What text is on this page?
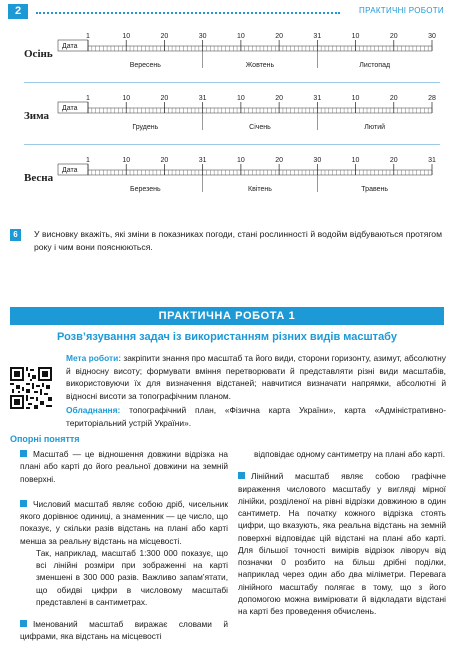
2	ПРАКТИЧНІ РОБОТИ
Дата
1	10	20	30	10	20	31	10	20	30
Вересень	Жовтень	Листопад
Осінь
Дата
1	10	20	31	10	20	31	10	20	28
Грудень	Січень	Лютий
Зима
Дата
1	10	20	31	10	20	30	10	20	31
Березень	Квітень	Травень
Весна
6	У висновку вкажіть, які зміни в показниках погоди, стані рослинності й водойм відбуваються протягом року і чим вони пояснюються.
ПРАКТИЧНА РОБОТА 1
Розв’язування задач із використанням різних видів масштабу
Мета роботи: закріпити знання про масштаб та його види, сторони горизонту, азимут, абсолютну й відносну висоту; формувати вміння перетворювати й представляти різні види масштабів, використовуючи їх для визначення відстаней; навчитися визначати напрямки, абсолютні й відносні висоти за топографічним планом.
Обладнання: топографічний план, «Фізична карта України», карта «Адміністративно-територіальний устрій України».
Опорні поняття
Масштаб — це відношення довжини відрізка на плані або карті до його реальної довжини на земній поверхні.
Числовий масштаб являє собою дріб, чисельник якого дорівнює одиниці, а знаменник — це число, що показує, у скільки разів відстань на плані або карті менша за реальну відстань на місцевості.
Так, наприклад, масштаб 1:300 000 показує, що всі лінійні розміри при зображенні на карті зменшені в 300 000 разів. Важливо запам’ятати, що обидві цифри в числовому масштабі представлені в сантиметрах.
Іменований масштаб виражає словами й цифрами, яка відстань на місцевості
відповідає одному сантиметру на плані або карті.
Лінійний масштаб являє собою графічне вираження числового масштабу у вигляді мірної лінійки, розділеної на рівні відрізки довжиною в один сантиметр. На початку кожного відрізка стоять цифри, що вказують, яка реальна відстань на земній поверхні відповідає цій відстані на плані або карті. Для більшої точності вимірів відрізок ліворуч від позначки 0 розбито на більш дрібні поділки, наприклад через один або два міліметри. Перевага лінійного масштабу полягає в тому, що з його допомогою можна вимірювати й відкладати відстані на карті без проведення обчислень.
